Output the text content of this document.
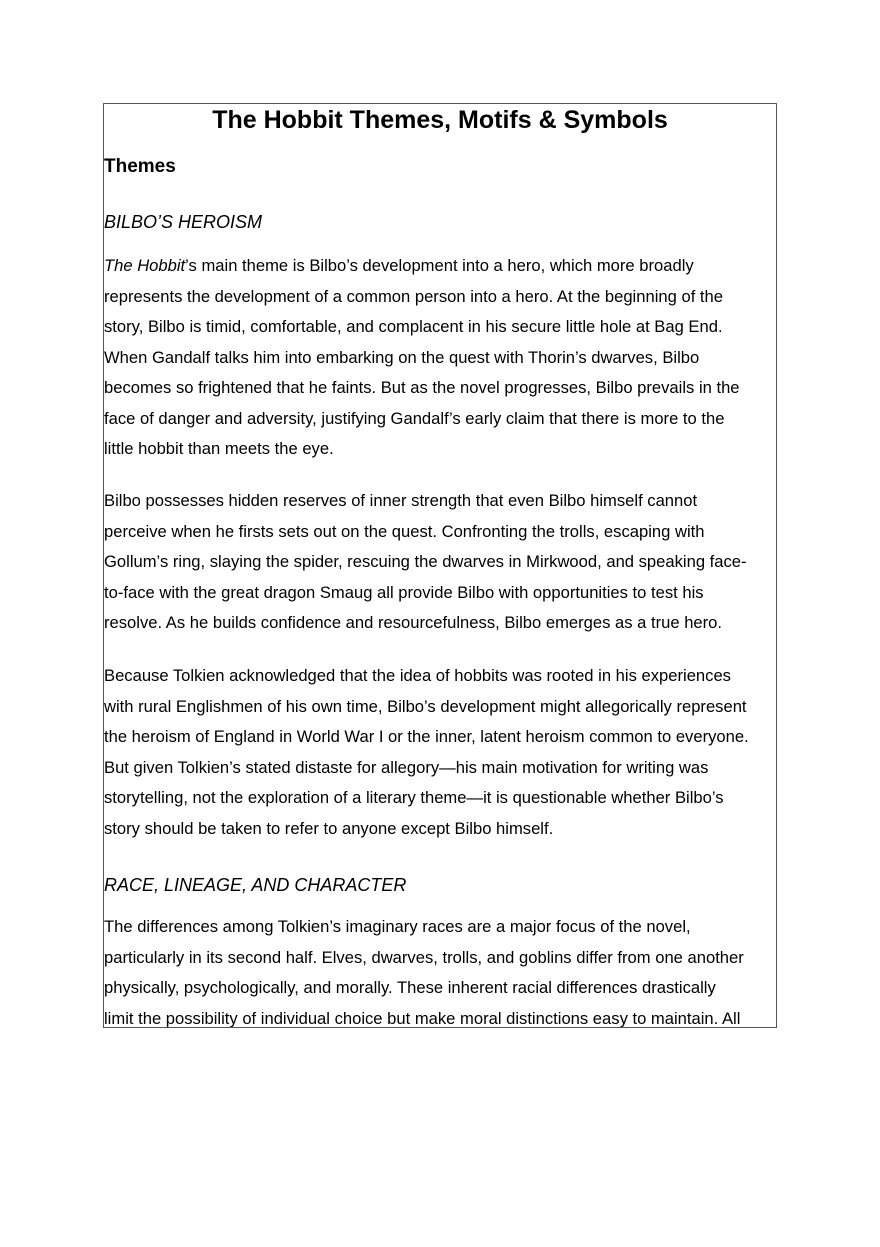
The Hobbit Themes, Motifs & Symbols
Themes
BILBO’S HEROISM
The Hobbit’s main theme is Bilbo’s development into a hero, which more broadly
represents the development of a common person into a hero. At the beginning of the
story, Bilbo is timid, comfortable, and complacent in his secure little hole at Bag End.
When Gandalf talks him into embarking on the quest with Thorin’s dwarves, Bilbo
becomes so frightened that he faints. But as the novel progresses, Bilbo prevails in the
face of danger and adversity, justifying Gandalf’s early claim that there is more to the
little hobbit than meets the eye.
Bilbo possesses hidden reserves of inner strength that even Bilbo himself cannot
perceive when he firsts sets out on the quest. Confronting the trolls, escaping with
Gollum’s ring, slaying the spider, rescuing the dwarves in Mirkwood, and speaking face-
to-face with the great dragon Smaug all provide Bilbo with opportunities to test his
resolve. As he builds confidence and resourcefulness, Bilbo emerges as a true hero.
Because Tolkien acknowledged that the idea of hobbits was rooted in his experiences
with rural Englishmen of his own time, Bilbo’s development might allegorically represent
the heroism of England in World War I or the inner, latent heroism common to everyone.
But given Tolkien’s stated distaste for allegory—his main motivation for writing was
storytelling, not the exploration of a literary theme—it is questionable whether Bilbo’s
story should be taken to refer to anyone except Bilbo himself.
RACE, LINEAGE, AND CHARACTER
The differences among Tolkien’s imaginary races are a major focus of the novel,
particularly in its second half. Elves, dwarves, trolls, and goblins differ from one another
physically, psychologically, and morally. These inherent racial differences drastically
limit the possibility of individual choice but make moral distinctions easy to maintain. All
